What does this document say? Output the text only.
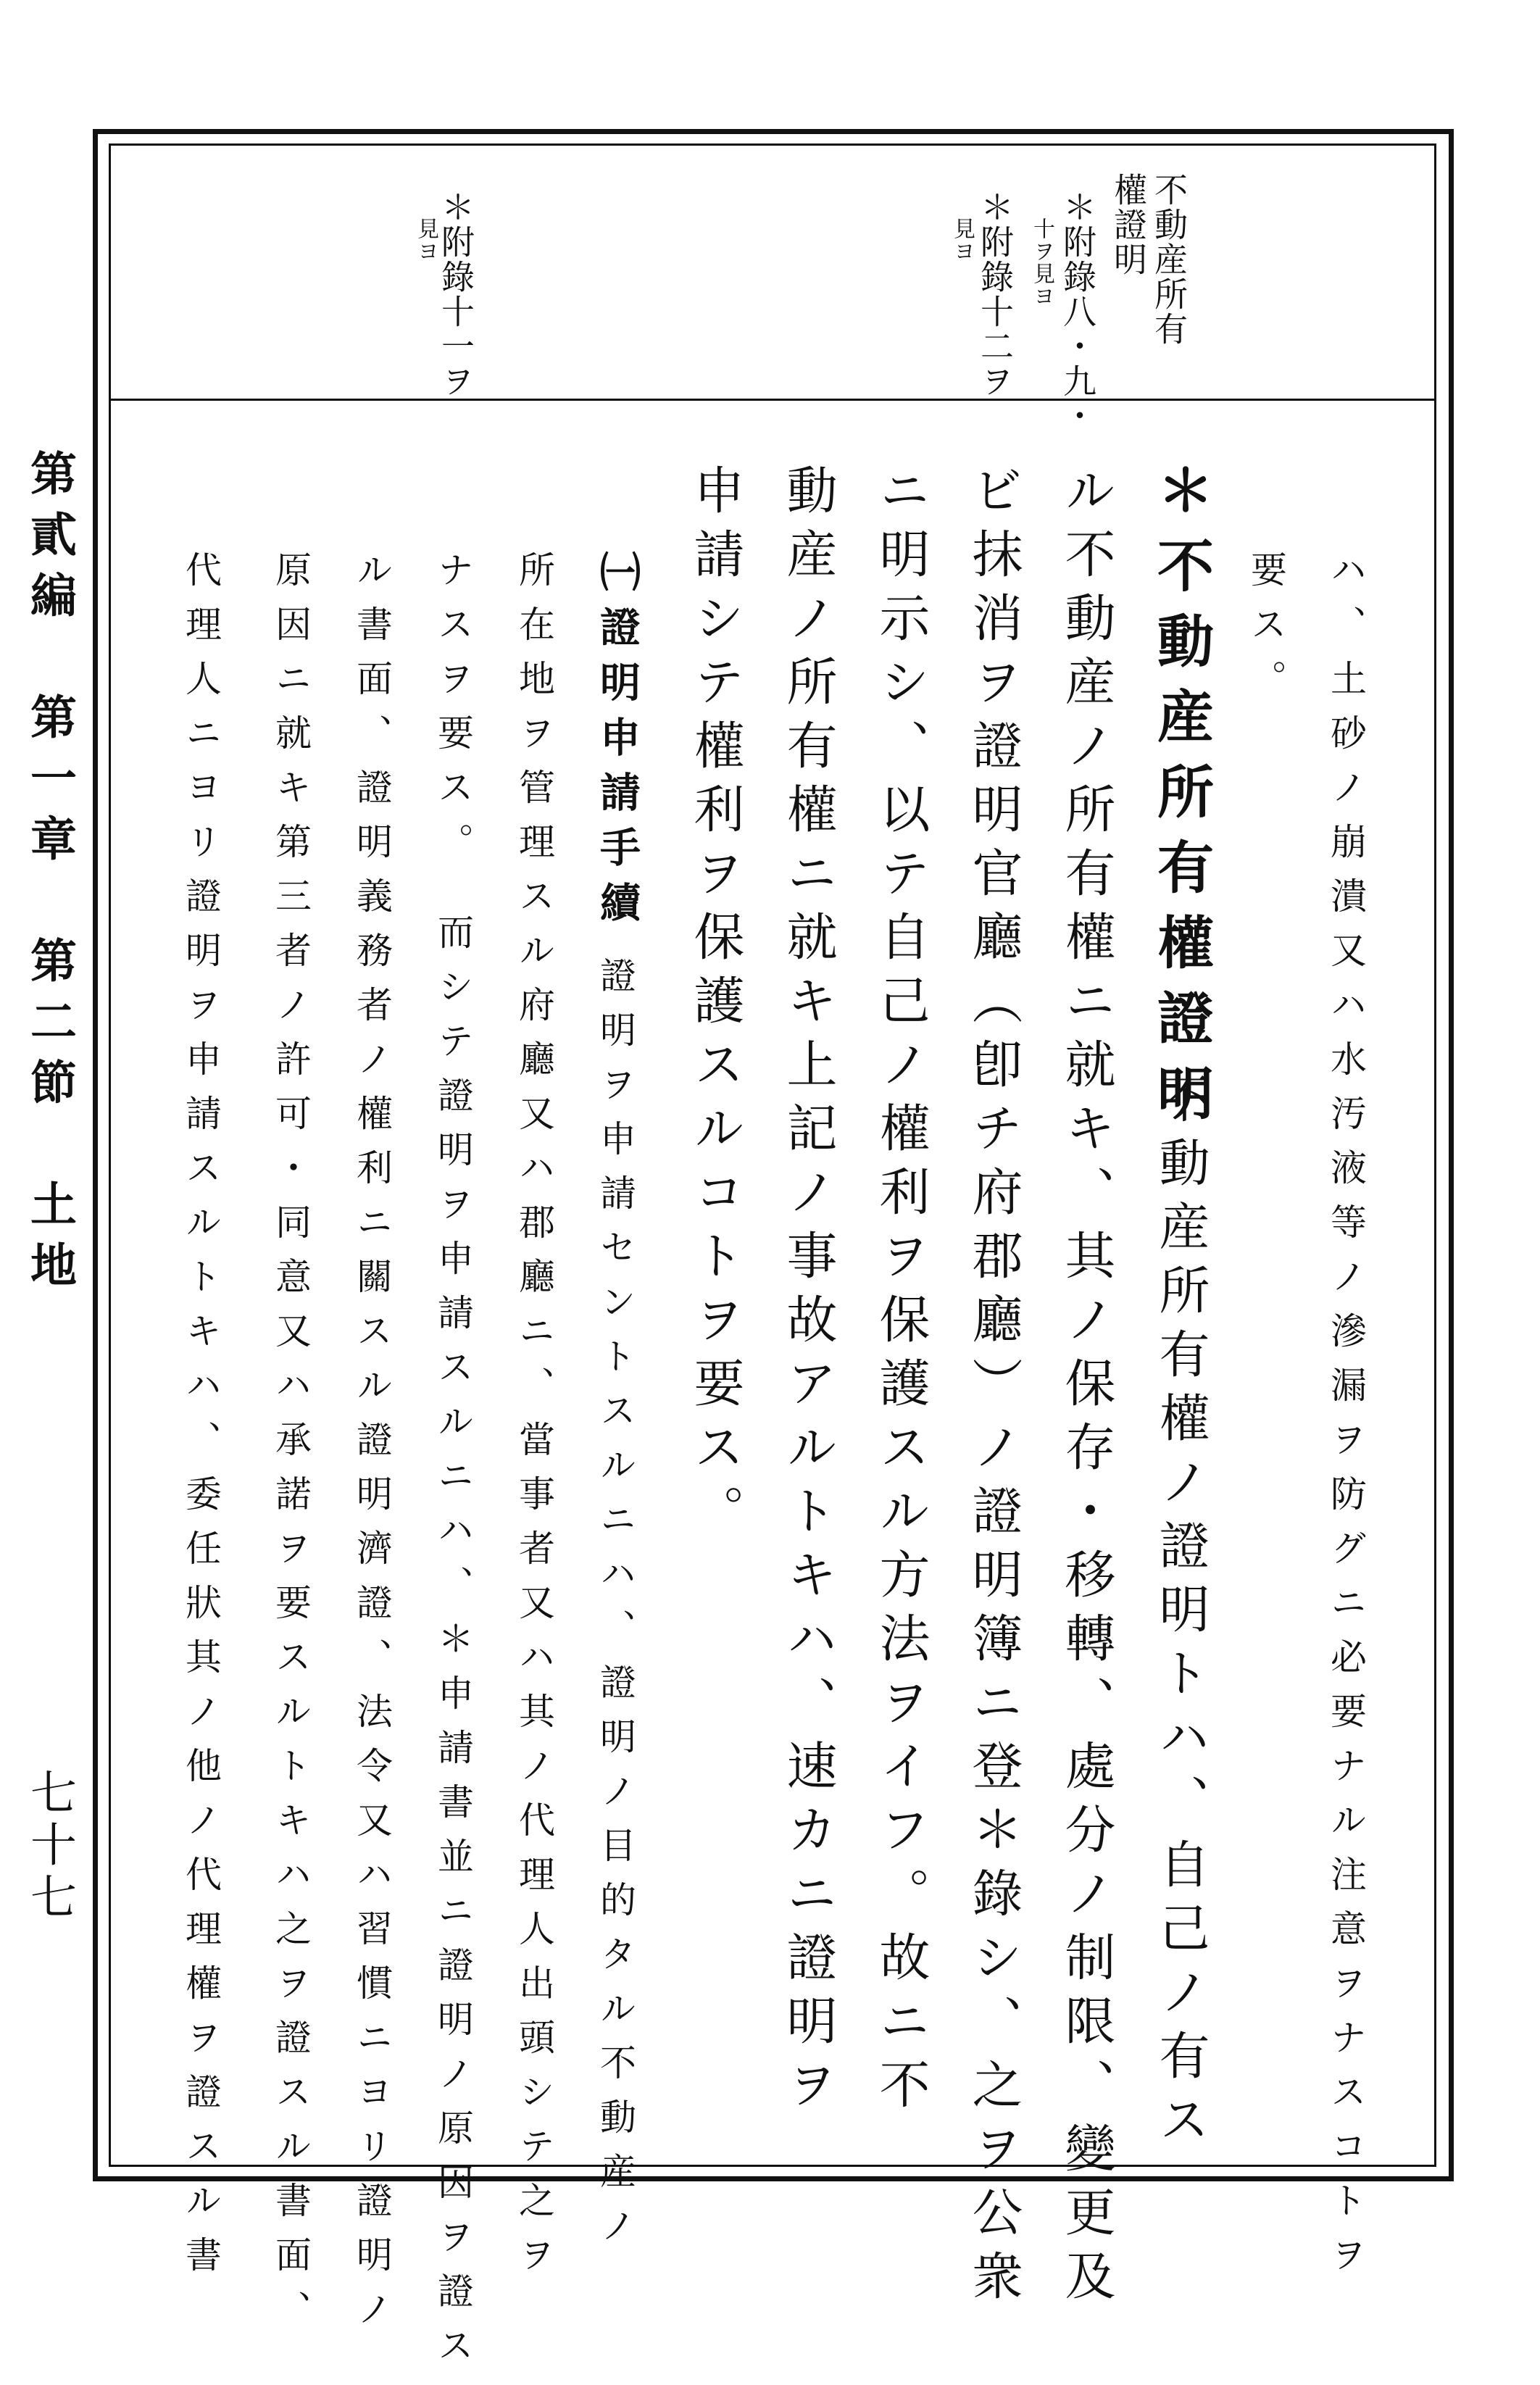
不動産所有
權證明
＊附錄八・九・
十ヲ見ヨ
＊附錄十二ヲ
見ヨ
＊附錄十一ヲ
見ヨ
ハ、土砂ノ崩潰又ハ水汚液等ノ滲漏ヲ防グニ必要ナル注意ヲナスコトヲ
要ス。
＊不動産所有權證明
不動産所有權ノ證明トハ、自己ノ有ス
ル不動産ノ所有權ニ就キ、其ノ保存・移轉、處分ノ制限、變更及
ビ抹消ヲ證明官廳（卽チ府郡廳）ノ證明簿ニ登＊錄シ、之ヲ公衆
ニ明示シ、以テ自己ノ權利ヲ保護スル方法ヲイフ。故ニ不
動産ノ所有權ニ就キ上記ノ事故アルトキハ、速カニ證明ヲ
申請シテ權利ヲ保護スルコトヲ要ス。
㈠證明申請手續
證明ヲ申請セントスルニハ、證明ノ目的タル不動産ノ
所在地ヲ管理スル府廳又ハ郡廳ニ、當事者又ハ其ノ代理人出頭シテ之ヲ
ナスヲ要ス。　而シテ證明ヲ申請スルニハ、＊申請書並ニ證明ノ原因ヲ證ス
ル書面、證明義務者ノ權利ニ關スル證明濟證、法令又ハ習慣ニヨリ證明ノ
原因ニ就キ第三者ノ許可・同意又ハ承諾ヲ要スルトキハ之ヲ證スル書面、
代理人ニヨリ證明ヲ申請スルトキハ、委任狀其ノ他ノ代理權ヲ證スル書
第貳編　第一章　第二節　土地
七十七
